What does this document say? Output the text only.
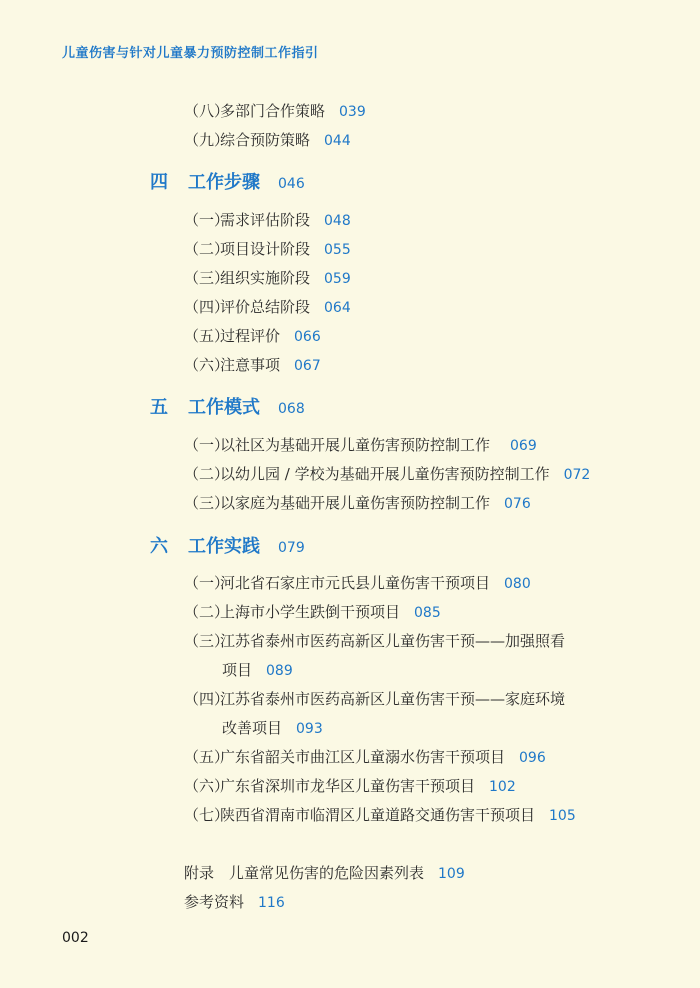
儿童伤害与针对儿童暴力预防控制工作指引
（八）多部门合作策略 039
（九）综合预防策略 044
四 工作步骤 046
（一）需求评估阶段 048
（二）项目设计阶段 055
（三）组织实施阶段 059
（四）评价总结阶段 064
（五）过程评价 066
（六）注意事项 067
五 工作模式 068
（一）以社区为基础开展儿童伤害预防控制工作 069
（二）以幼儿园 / 学校为基础开展儿童伤害预防控制工作 072
（三）以家庭为基础开展儿童伤害预防控制工作 076
六 工作实践 079
（一）河北省石家庄市元氏县儿童伤害干预项目 080
（二）上海市小学生跌倒干预项目 085
（三）江苏省泰州市医药高新区儿童伤害干预——加强照看
项目 089
（四）江苏省泰州市医药高新区儿童伤害干预——家庭环境
改善项目 093
（五）广东省韶关市曲江区儿童溺水伤害干预项目 096
（六）广东省深圳市龙华区儿童伤害干预项目 102
（七）陕西省渭南市临渭区儿童道路交通伤害干预项目 105
附录　儿童常见伤害的危险因素列表 109
参考资料 116
002
